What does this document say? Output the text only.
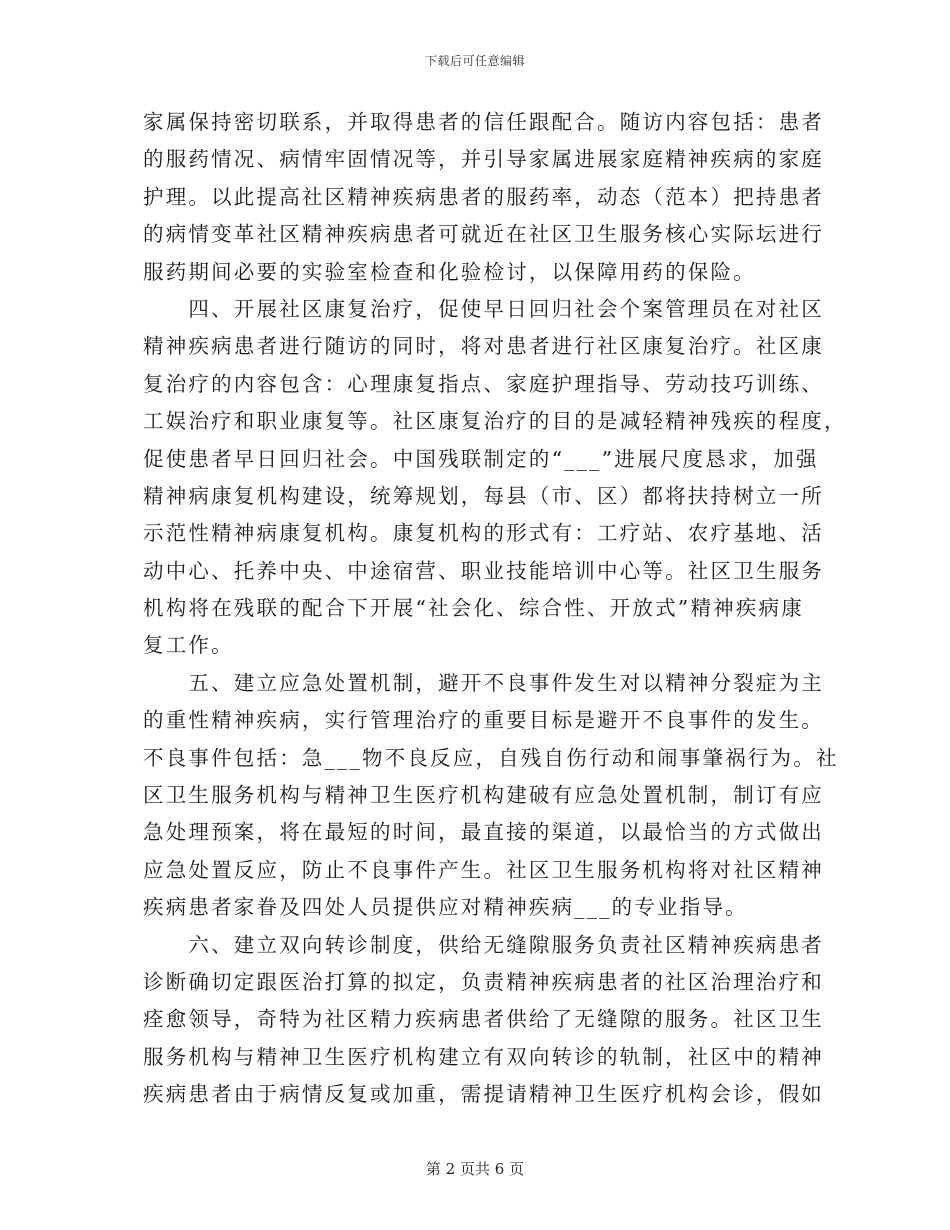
下载后可任意编辑

家属保持密切联系，并取得患者的信任跟配合。随访内容包括：患者
的服药情况、病情牢固情况等，并引导家属进展家庭精神疾病的家庭
护理。以此提高社区精神疾病患者的服药率，动态（范本）把持患者
的病情变革社区精神疾病患者可就近在社区卫生服务核心实际坛进行
服药期间必要的实验室检查和化验检讨，以保障用药的保险。

　　四、开展社区康复治疗，促使早日回归社会个案管理员在对社区
精神疾病患者进行随访的同时，将对患者进行社区康复治疗。社区康
复治疗的内容包含：心理康复指点、家庭护理指导、劳动技巧训练、
工娱治疗和职业康复等。社区康复治疗的目的是减轻精神残疾的程度，
促使患者早日回归社会。中国残联制定的“___”进展尺度恳求，加强
精神病康复机构建设，统筹规划，每县（市、区）都将扶持树立一所
示范性精神病康复机构。康复机构的形式有：工疗站、农疗基地、活
动中心、托养中央、中途宿营、职业技能培训中心等。社区卫生服务
机构将在残联的配合下开展“社会化、综合性、开放式”精神疾病康
复工作。

　　五、建立应急处置机制，避开不良事件发生对以精神分裂症为主
的重性精神疾病，实行管理治疗的重要目标是避开不良事件的发生。
不良事件包括：急___物不良反应，自残自伤行动和闹事肇祸行为。社
区卫生服务机构与精神卫生医疗机构建破有应急处置机制，制订有应
急处理预案，将在最短的时间，最直接的渠道，以最恰当的方式做出
应急处置反应，防止不良事件产生。社区卫生服务机构将对社区精神
疾病患者家眷及四处人员提供应对精神疾病___的专业指导。

　　六、建立双向转诊制度，供给无缝隙服务负责社区精神疾病患者
诊断确切定跟医治打算的拟定，负责精神疾病患者的社区治理治疗和
痊愈领导，奇特为社区精力疾病患者供给了无缝隙的服务。社区卫生
服务机构与精神卫生医疗机构建立有双向转诊的轨制，社区中的精神
疾病患者由于病情反复或加重，需提请精神卫生医疗机构会诊，假如

第 2 页共 6 页
